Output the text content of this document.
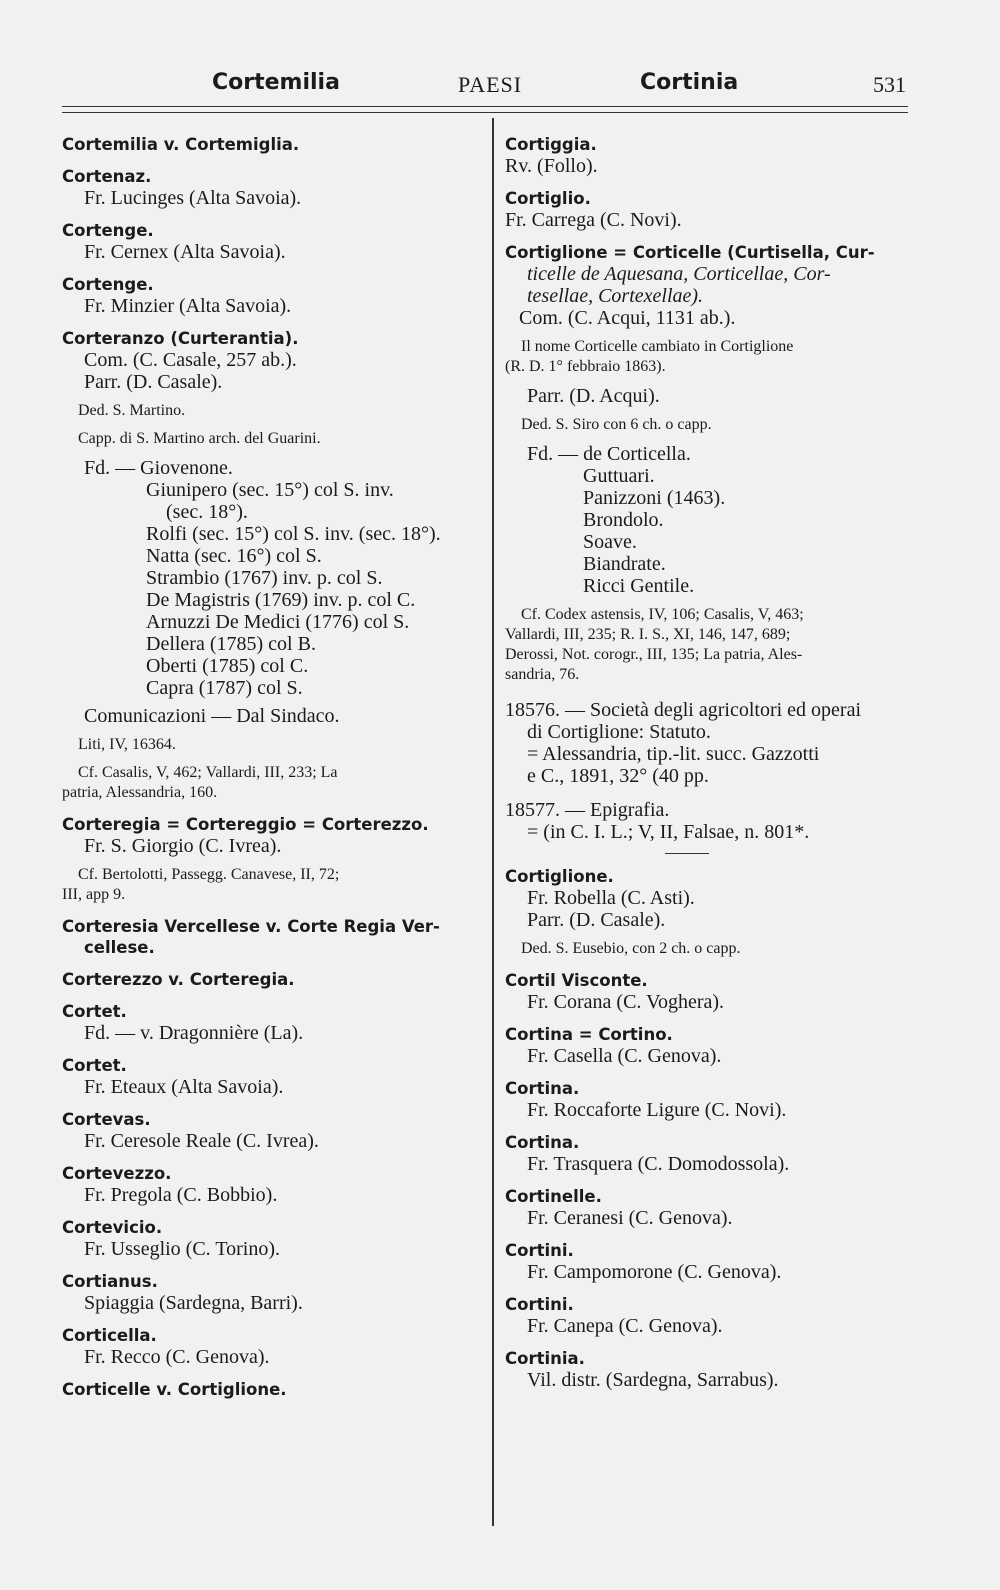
Cortemilia	PAESI	Cortinia	531
Cortemilia v. Cortemiglia.
Cortenaz.
Fr. Lucinges (Alta Savoia).
Cortenge.
Fr. Cernex (Alta Savoia).
Cortenge.
Fr. Minzier (Alta Savoia).
Corteranzo (Curterantia).
Com. (C. Casale, 257 ab.).
Parr. (D. Casale).
Ded. S. Martino.
Capp. di S. Martino arch. del Guarini.
Fd. — Giovenone.
Giunipero (sec. 15°) col S. inv.
(sec. 18°).
Rolfi (sec. 15°) col S. inv. (sec. 18°).
Natta (sec. 16°) col S.
Strambio (1767) inv. p. col S.
De Magistris (1769) inv. p. col C.
Arnuzzi De Medici (1776) col S.
Dellera (1785) col B.
Oberti (1785) col C.
Capra (1787) col S.
Comunicazioni — Dal Sindaco.
Liti, IV, 16364.
Cf. Casalis, V, 462; Vallardi, III, 233; La
patria, Alessandria, 160.
Corteregia = Cortereggio = Corterezzo.
Fr. S. Giorgio (C. Ivrea).
Cf. Bertolotti, Passegg. Canavese, II, 72;
III, app 9.
Corteresia Vercellese v. Corte Regia Ver-
cellese.
Corterezzo v. Corteregia.
Cortet.
Fd. — v. Dragonnière (La).
Cortet.
Fr. Eteaux (Alta Savoia).
Cortevas.
Fr. Ceresole Reale (C. Ivrea).
Cortevezzo.
Fr. Pregola (C. Bobbio).
Cortevicio.
Fr. Usseglio (C. Torino).
Cortianus.
Spiaggia (Sardegna, Barri).
Corticella.
Fr. Recco (C. Genova).
Corticelle v. Cortiglione.
Cortiggia.
Rv. (Follo).
Cortiglio.
Fr. Carrega (C. Novi).
Cortiglione = Corticelle (Curtisella, Cur-
ticelle de Aquesana, Corticellae, Cor-
tesellae, Cortexellae).
Com. (C. Acqui, 1131 ab.).
Il nome Corticelle cambiato in Cortiglione
(R. D. 1° febbraio 1863).
Parr. (D. Acqui).
Ded. S. Siro con 6 ch. o capp.
Fd. — de Corticella.
Guttuari.
Panizzoni (1463).
Brondolo.
Soave.
Biandrate.
Ricci Gentile.
Cf. Codex astensis, IV, 106; Casalis, V, 463;
Vallardi, III, 235; R. I. S., XI, 146, 147, 689;
Derossi, Not. corogr., III, 135; La patria, Ales-
sandria, 76.
18576. — Società degli agricoltori ed operai
di Cortiglione: Statuto.
= Alessandria, tip.-lit. succ. Gazzotti
e C., 1891, 32° (40 pp.
18577. — Epigrafia.
= (in C. I. L.; V, II, Falsae, n. 801*.
Cortiglione.
Fr. Robella (C. Asti).
Parr. (D. Casale).
Ded. S. Eusebio, con 2 ch. o capp.
Cortil Visconte.
Fr. Corana (C. Voghera).
Cortina = Cortino.
Fr. Casella (C. Genova).
Cortina.
Fr. Roccaforte Ligure (C. Novi).
Cortina.
Fr. Trasquera (C. Domodossola).
Cortinelle.
Fr. Ceranesi (C. Genova).
Cortini.
Fr. Campomorone (C. Genova).
Cortini.
Fr. Canepa (C. Genova).
Cortinia.
Vil. distr. (Sardegna, Sarrabus).
